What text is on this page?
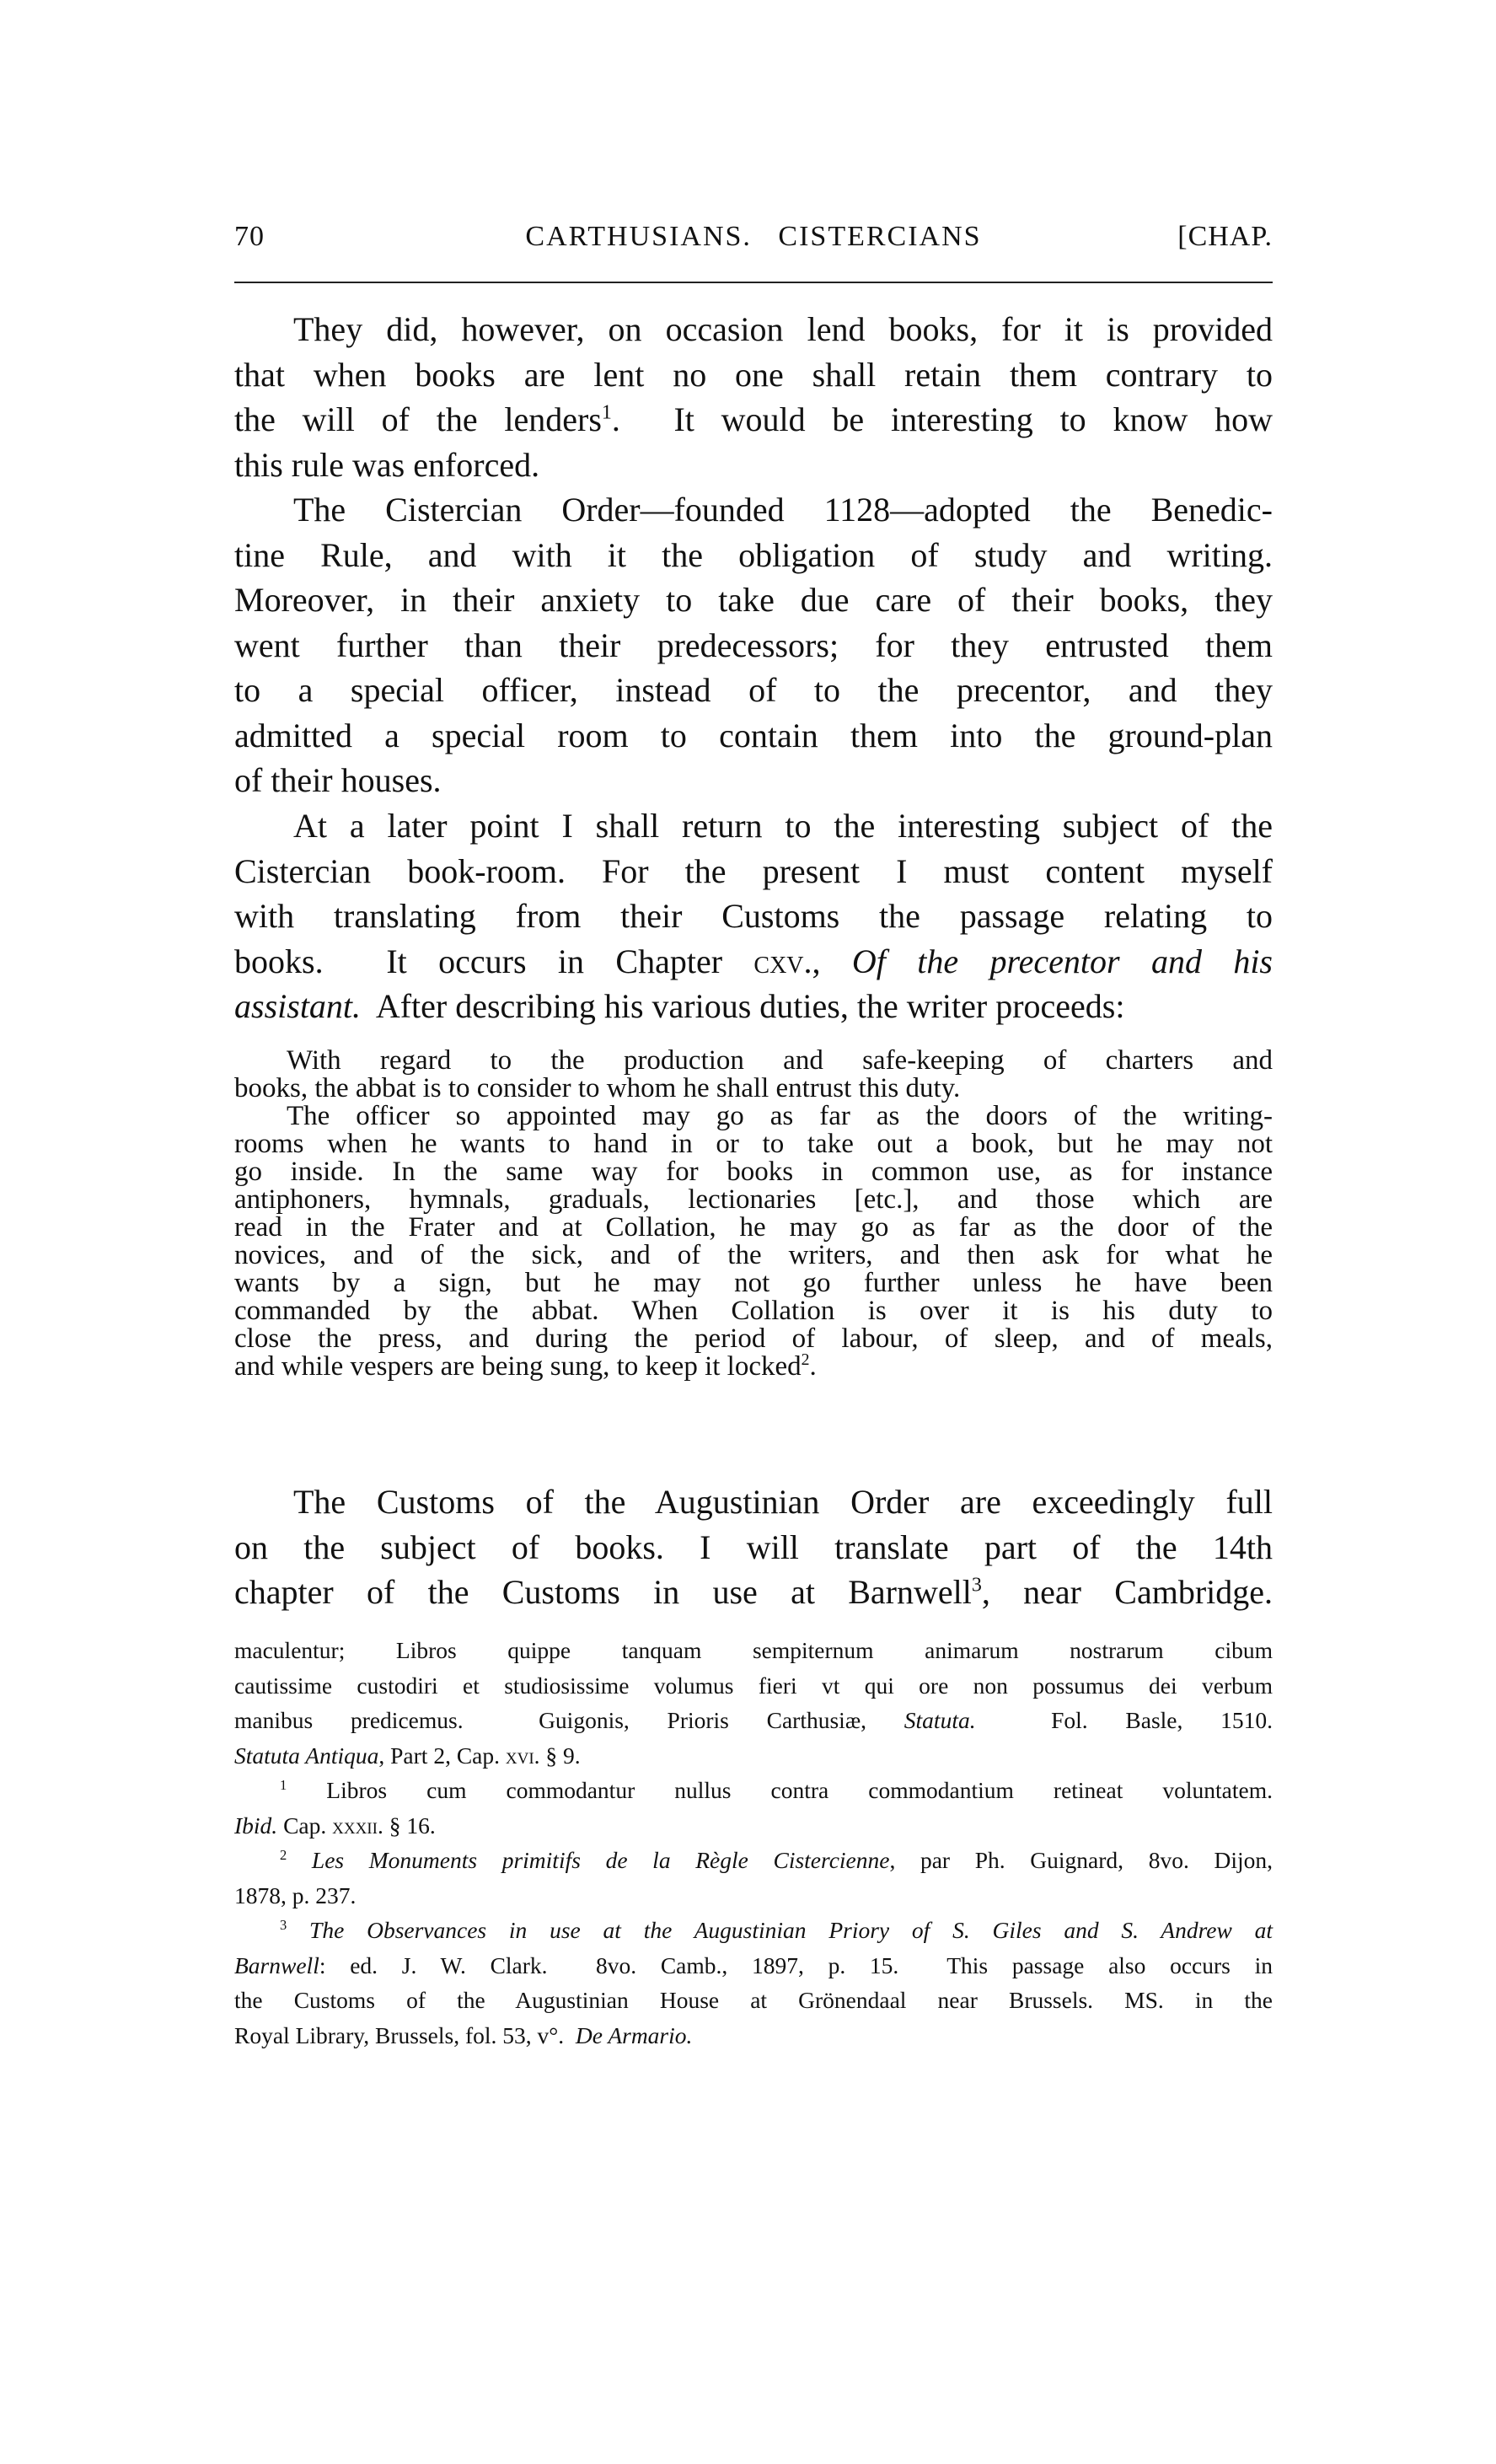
70	CARTHUSIANS.   CISTERCIANS	[CHAP.
They did, however, on occasion lend books, for it is provided
that when books are lent no one shall retain them contrary to
the will of the lenders$^1$.  It would be interesting to know how
this rule was enforced.
The Cistercian Order—founded 1128—adopted the Benedic-
tine Rule, and with it the obligation of study and writing.
Moreover, in their anxiety to take due care of their books, they
went further than their predecessors; for they entrusted them
to a special officer, instead of to the precentor, and they
admitted a special room to contain them into the ground-plan
of their houses.
At a later point I shall return to the interesting subject of the
Cistercian book-room. For the present I must content myself
with translating from their Customs the passage relating to
books.  It occurs in Chapter cxv., Of the precentor and his
assistant.  After describing his various duties, the writer proceeds:
With regard to the production and safe-keeping of charters and
books, the abbat is to consider to whom he shall entrust this duty.
The officer so appointed may go as far as the doors of the writing-
rooms when he wants to hand in or to take out a book, but he may not
go inside. In the same way for books in common use, as for instance
antiphoners, hymnals, graduals, lectionaries [etc.], and those which are
read in the Frater and at Collation, he may go as far as the door of the
novices, and of the sick, and of the writers, and then ask for what he
wants by a sign, but he may not go further unless he have been
commanded by the abbat. When Collation is over it is his duty to
close the press, and during the period of labour, of sleep, and of meals,
and while vespers are being sung, to keep it locked$^2$.
The Customs of the Augustinian Order are exceedingly full
on the subject of books. I will translate part of the 14th
chapter of the Customs in use at Barnwell$^3$, near Cambridge.
maculentur; Libros quippe tanquam sempiternum animarum nostrarum cibum
cautissime custodiri et studiosissime volumus fieri vt qui ore non possumus dei verbum
manibus predicemus.  Guigonis, Prioris Carthusiæ, Statuta.  Fol. Basle, 1510.
Statuta Antiqua, Part 2, Cap. xvi. § 9.
$^1$ Libros cum commodantur nullus contra commodantium retineat voluntatem.
Ibid. Cap. xxxii. § 16.
$^2$ Les Monuments primitifs de la Règle Cistercienne, par Ph. Guignard, 8vo. Dijon,
1878, p. 237.
$^3$ The Observances in use at the Augustinian Priory of S. Giles and S. Andrew at
Barnwell: ed. J. W. Clark.  8vo. Camb., 1897, p. 15.  This passage also occurs in
the Customs of the Augustinian House at Grönendaal near Brussels. MS. in the
Royal Library, Brussels, fol. 53, v°.  De Armario.
